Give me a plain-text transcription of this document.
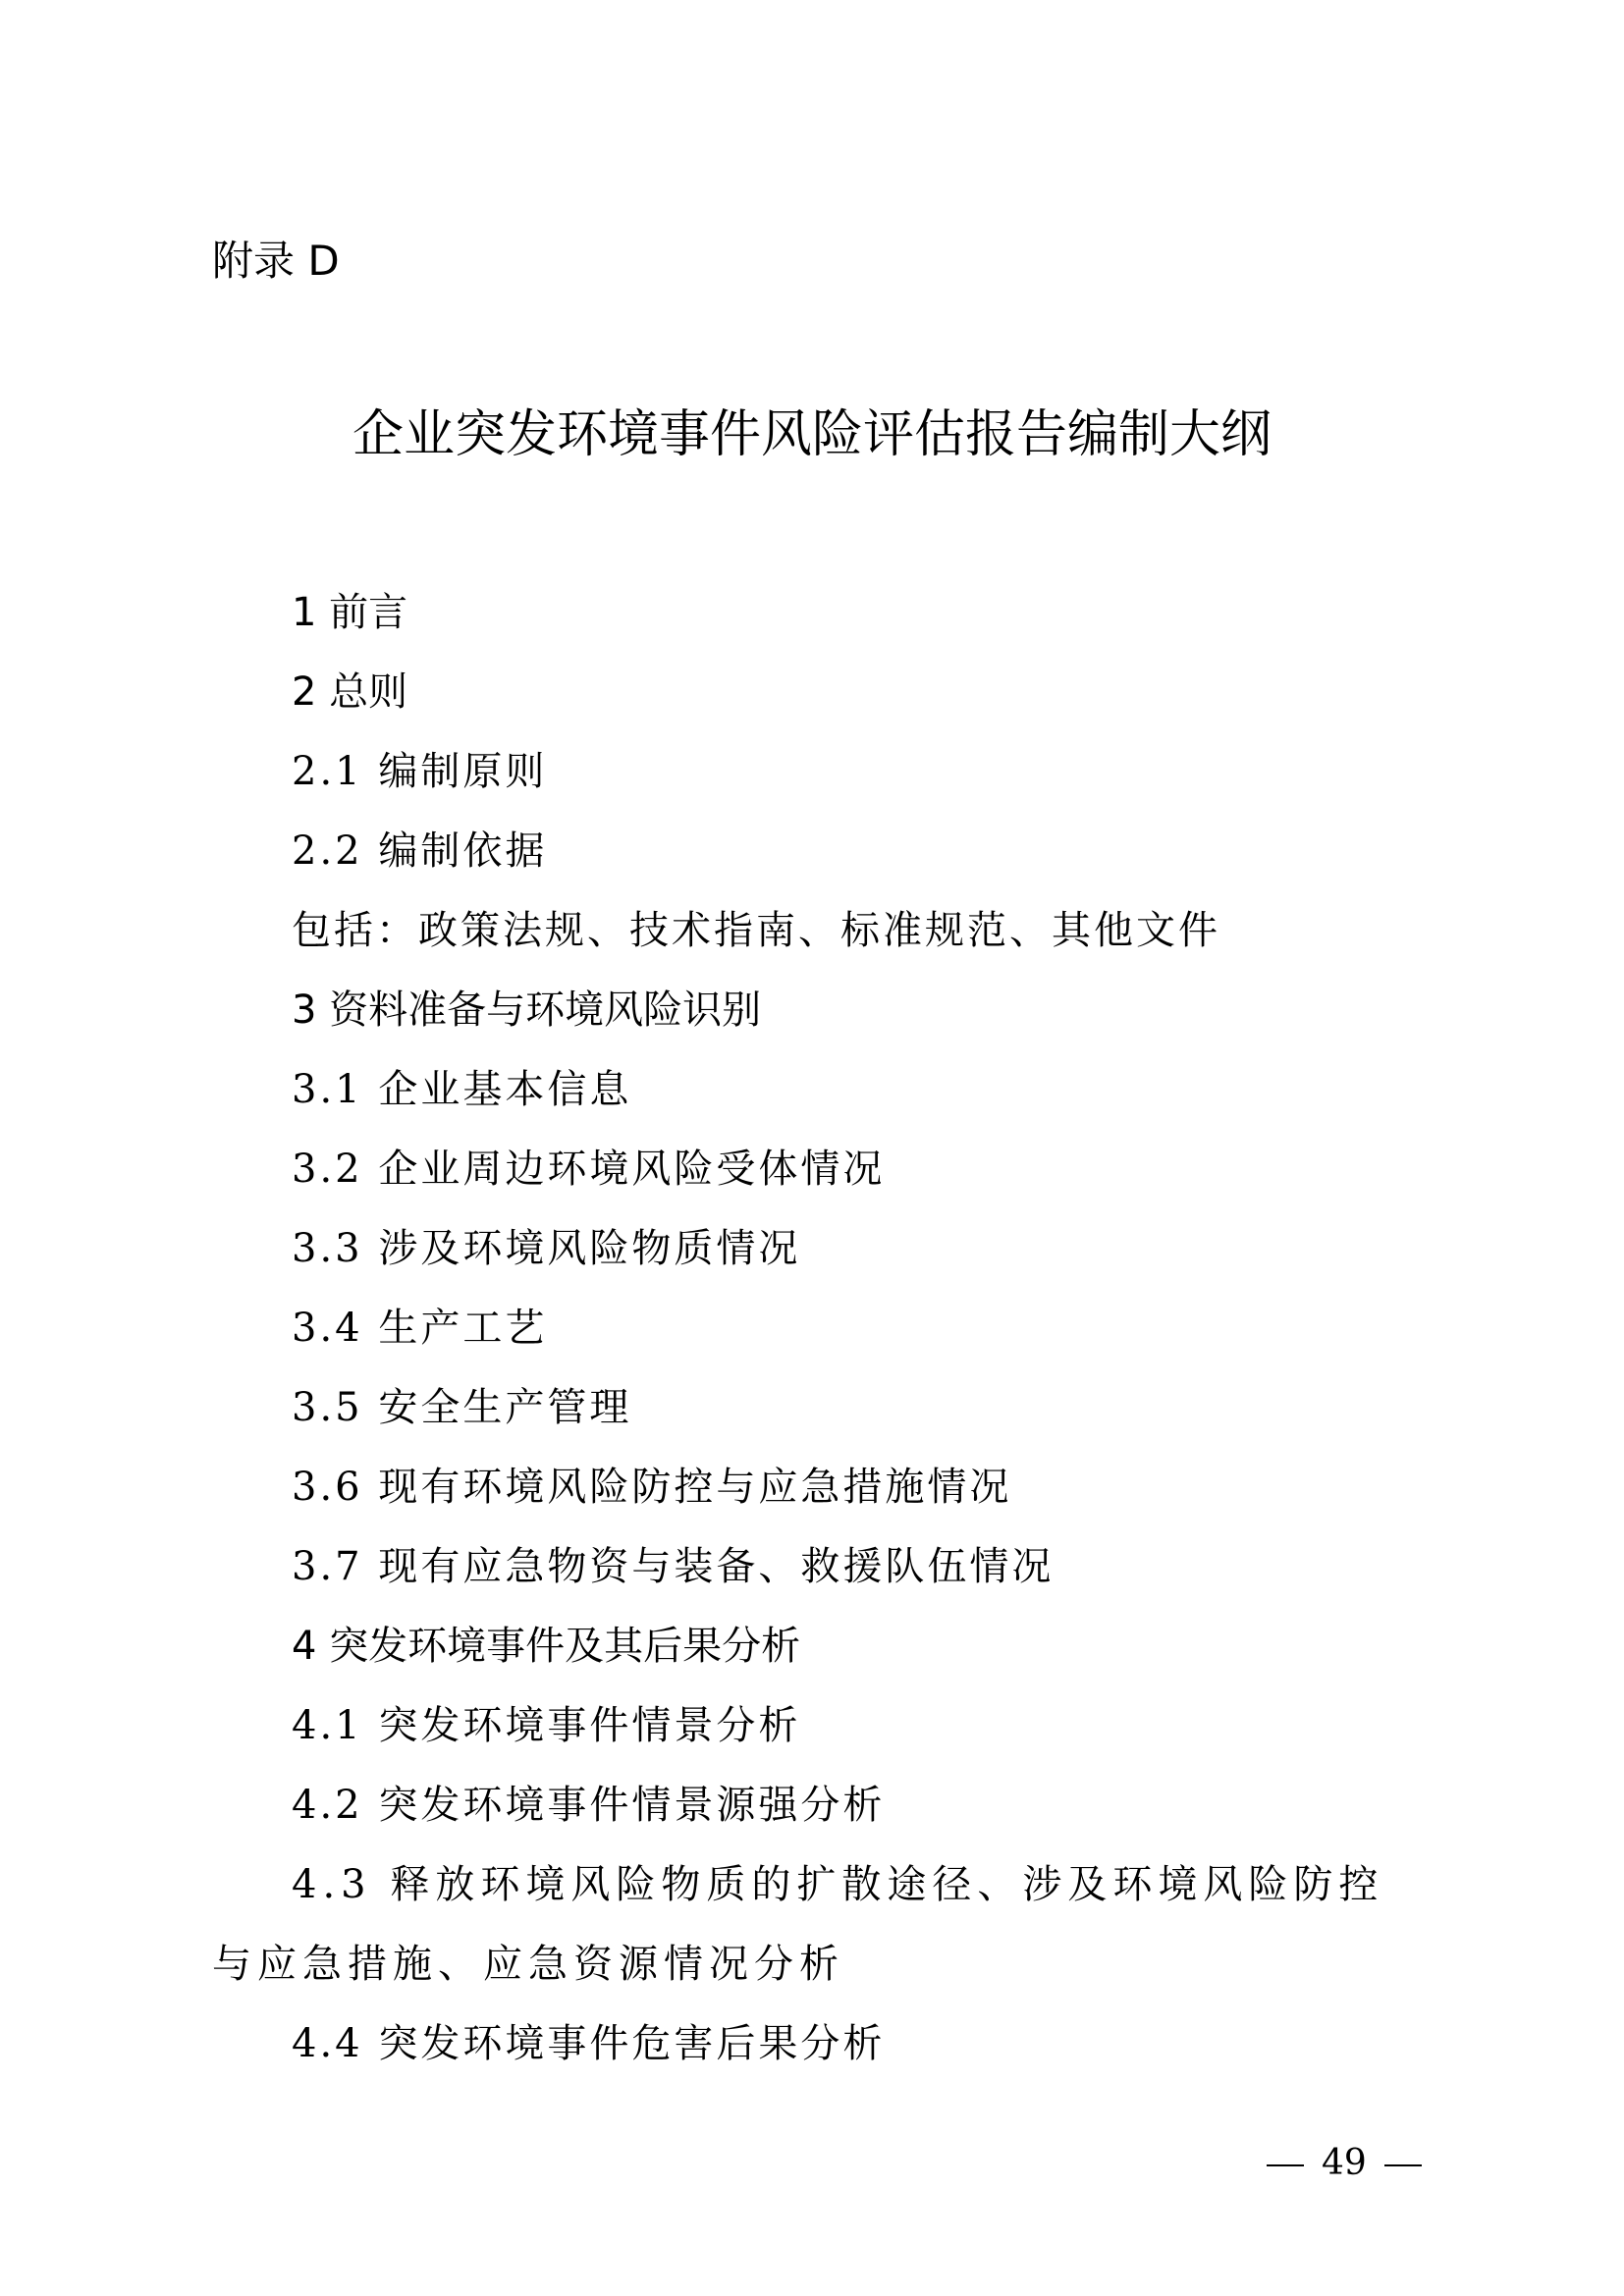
附录 D
企业突发环境事件风险评估报告编制大纲
1 前言
2 总则
2.1 编制原则
2.2 编制依据
包括：政策法规、技术指南、标准规范、其他文件
3 资料准备与环境风险识别
3.1 企业基本信息
3.2 企业周边环境风险受体情况
3.3 涉及环境风险物质情况
3.4 生产工艺
3.5 安全生产管理
3.6 现有环境风险防控与应急措施情况
3.7 现有应急物资与装备、救援队伍情况
4 突发环境事件及其后果分析
4.1 突发环境事件情景分析
4.2 突发环境事件情景源强分析
4.3 释放环境风险物质的扩散途径、涉及环境风险防控与应急措施、应急资源情况分析
4.4 突发环境事件危害后果分析
49
